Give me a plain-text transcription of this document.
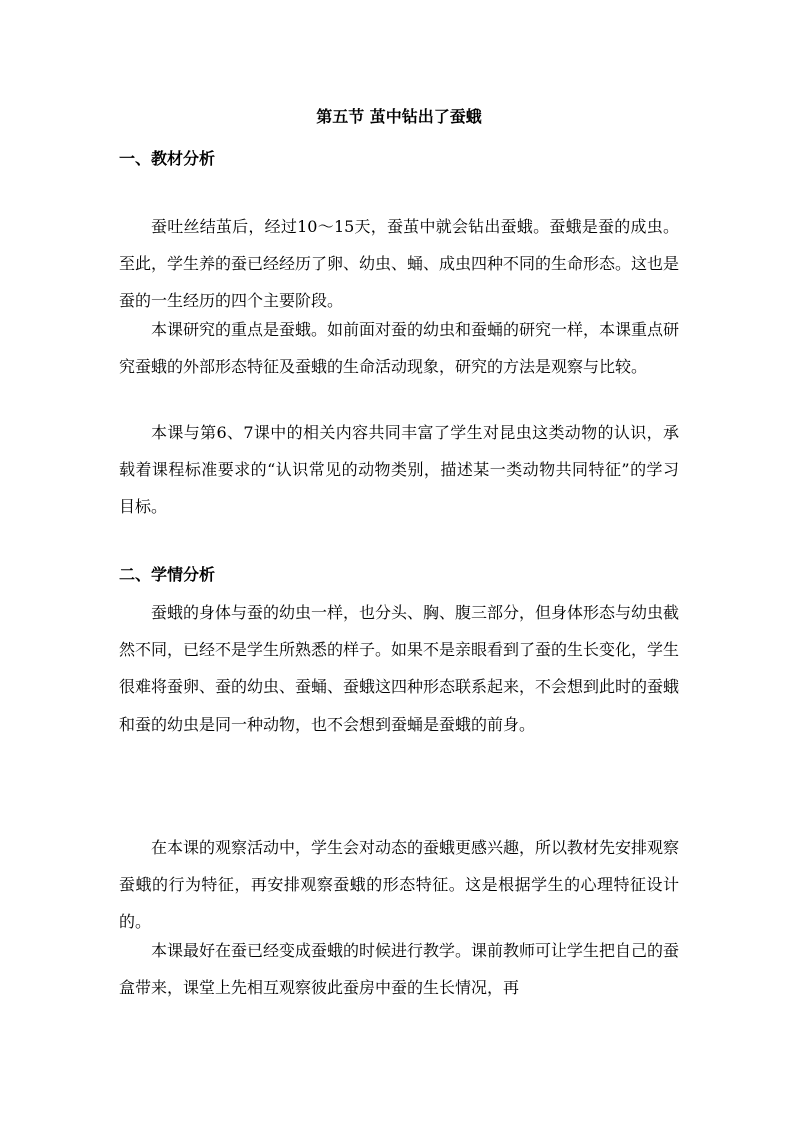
第五节 茧中钻出了蚕蛾
一、教材分析

蚕吐丝结茧后，经过10～15天，蚕茧中就会钻出蚕蛾。蚕蛾是蚕的成虫。至此，学生养的蚕已经经历了卵、幼虫、蛹、成虫四种不同的生命形态。这也是蚕的一生经历的四个主要阶段。

本课研究的重点是蚕蛾。如前面对蚕的幼虫和蚕蛹的研究一样，本课重点研究蚕蛾的外部形态特征及蚕蛾的生命活动现象，研究的方法是观察与比较。

本课与第6、7课中的相关内容共同丰富了学生对昆虫这类动物的认识，承载着课程标准要求的“认识常见的动物类别，描述某一类动物共同特征”的学习目标。

二、学情分析

蚕蛾的身体与蚕的幼虫一样，也分头、胸、腹三部分，但身体形态与幼虫截然不同，已经不是学生所熟悉的样子。如果不是亲眼看到了蚕的生长变化，学生很难将蚕卵、蚕的幼虫、蚕蛹、蚕蛾这四种形态联系起来，不会想到此时的蚕蛾和蚕的幼虫是同一种动物，也不会想到蚕蛹是蚕蛾的前身。

在本课的观察活动中，学生会对动态的蚕蛾更感兴趣，所以教材先安排观察蚕蛾的行为特征，再安排观察蚕蛾的形态特征。这是根据学生的心理特征设计的。

本课最好在蚕已经变成蚕蛾的时候进行教学。课前教师可让学生把自己的蚕盒带来，课堂上先相互观察彼此蚕房中蚕的生长情况，再
